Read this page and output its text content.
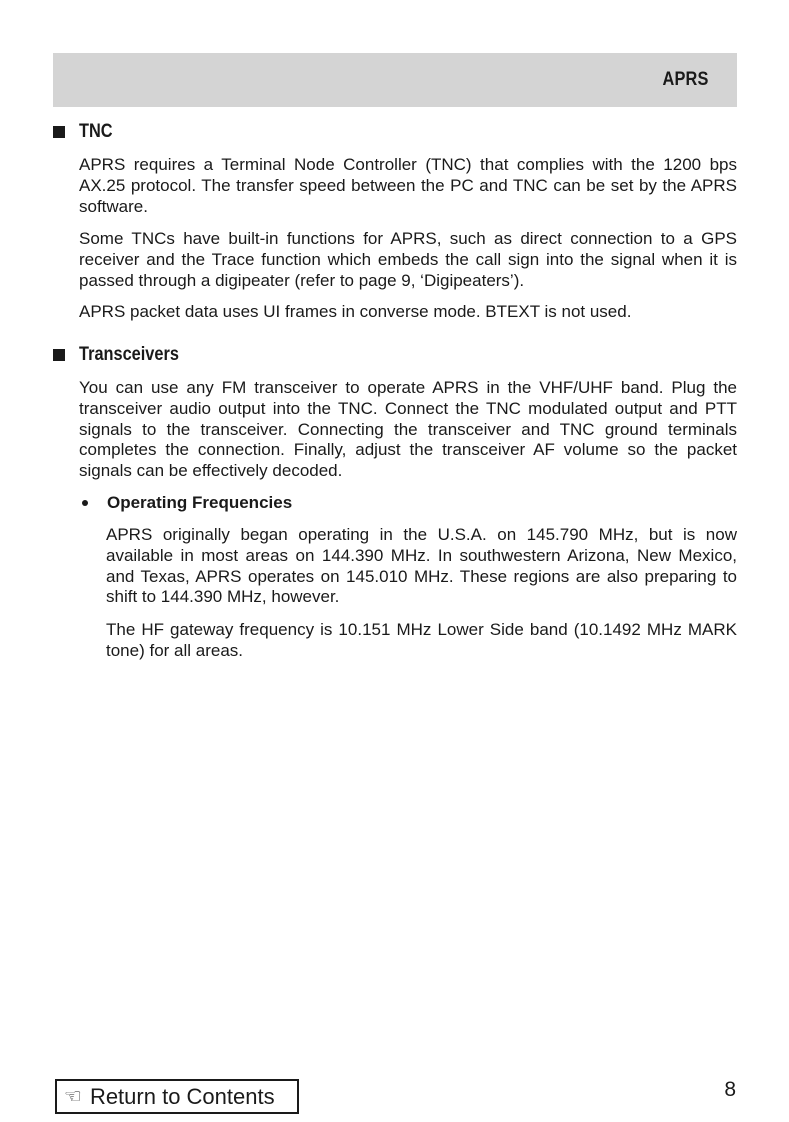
APRS
TNC

APRS requires a Terminal Node Controller (TNC) that complies with the 1200 bps AX.25 protocol. The transfer speed between the PC and TNC can be set by the APRS software.

Some TNCs have built-in functions for APRS, such as direct connection to a GPS receiver and the Trace function which embeds the call sign into the signal when it is passed through a digipeater (refer to page 9, ‘Digipeaters’).

APRS packet data uses UI frames in converse mode. BTEXT is not used.

Transceivers

You can use any FM transceiver to operate APRS in the VHF/UHF band. Plug the transceiver audio output into the TNC. Connect the TNC modulated output and PTT signals to the transceiver. Connecting the transceiver and TNC ground terminals completes the connection. Finally, adjust the transceiver AF volume so the packet signals can be effectively decoded.

Operating Frequencies

APRS originally began operating in the U.S.A. on 145.790 MHz, but is now available in most areas on 144.390 MHz. In southwestern Arizona, New Mexico, and Texas, APRS operates on 145.010 MHz. These regions are also preparing to shift to 144.390 MHz, however.

The HF gateway frequency is 10.151 MHz Lower Side band (10.1492 MHz MARK tone) for all areas.

☜ Return to Contents	8
